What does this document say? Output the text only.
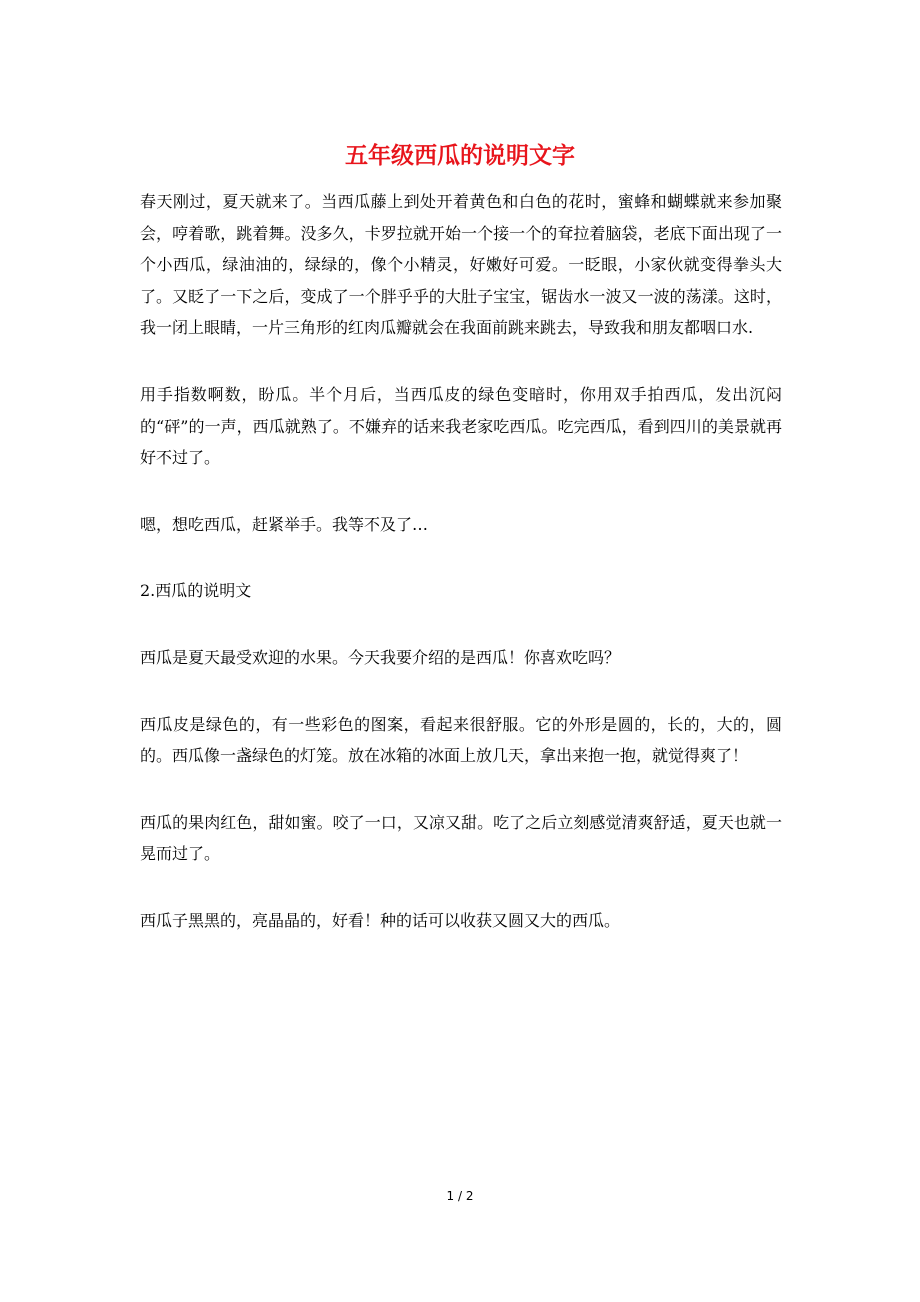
五年级西瓜的说明文字

春天刚过，夏天就来了。当西瓜藤上到处开着黄色和白色的花时，蜜蜂和蝴蝶就来参加聚会，哼着歌，跳着舞。没多久，卡罗拉就开始一个接一个的耷拉着脑袋，老底下面出现了一个小西瓜，绿油油的，绿绿的，像个小精灵，好嫩好可爱。一眨眼，小家伙就变得拳头大了。又眨了一下之后，变成了一个胖乎乎的大肚子宝宝，锯齿水一波又一波的荡漾。这时，我一闭上眼睛，一片三角形的红肉瓜瓣就会在我面前跳来跳去，导致我和朋友都咽口水.

用手指数啊数，盼瓜。半个月后，当西瓜皮的绿色变暗时，你用双手拍西瓜，发出沉闷的“砰”的一声，西瓜就熟了。不嫌弃的话来我老家吃西瓜。吃完西瓜，看到四川的美景就再好不过了。

嗯，想吃西瓜，赶紧举手。我等不及了…

2.西瓜的说明文

西瓜是夏天最受欢迎的水果。今天我要介绍的是西瓜！你喜欢吃吗？

西瓜皮是绿色的，有一些彩色的图案，看起来很舒服。它的外形是圆的，长的，大的，圆的。西瓜像一盏绿色的灯笼。放在冰箱的冰面上放几天，拿出来抱一抱，就觉得爽了！

西瓜的果肉红色，甜如蜜。咬了一口，又凉又甜。吃了之后立刻感觉清爽舒适，夏天也就一晃而过了。

西瓜子黑黑的，亮晶晶的，好看！种的话可以收获又圆又大的西瓜。

1 / 2
